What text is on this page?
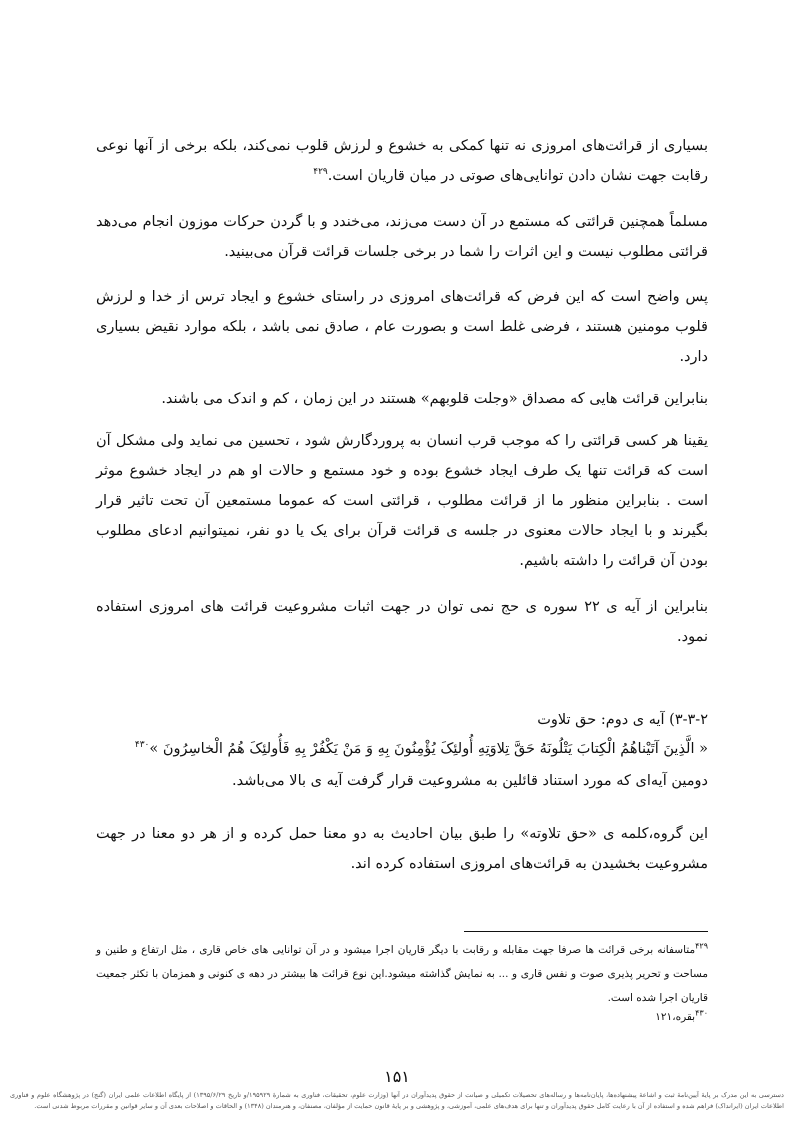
بسیاری از قرائت‌های امروزی نه تنها کمکی به خشوع و لرزش قلوب نمی‌کند، بلکه برخی از آنها نوعی رقابت جهت نشان دادن توانایی‌های صوتی در میان قاریان است.$^{۴۲۹}$

مسلماً همچنین قرائتی که مستمع در آن دست می‌زند، می‌خندد و با گردن حرکات موزون انجام می‌دهد قرائتی مطلوب نیست و این اثرات را شما در برخی جلسات قرائت قرآن می‌بینید.

پس واضح است که این فرض که قرائت‌های امروزی در راستای خشوع و ایجاد ترس از خدا و لرزش قلوب مومنین هستند ، فرضی غلط است و بصورت عام ، صادق نمی باشد ، بلکه موارد نقیض بسیاری دارد.

بنابراین قرائت هایی که مصداق «وجلت قلوبهم» هستند در این زمان ، کم و اندک می باشند.

یقینا هر کسی قرائتی را که موجب قرب انسان به پروردگارش شود ، تحسین می نماید ولی مشکل آن است که قرائت تنها یک طرف ایجاد خشوع بوده و خود مستمع و حالات او هم در ایجاد خشوع موثر است . بنابراین منظور ما از قرائت مطلوب ، قرائتی است که عموما مستمعین آن تحت تاثیر قرار بگیرند و با ایجاد حالات معنوی در جلسه ی قرائت قرآن برای یک یا دو نفر، نمیتوانیم ادعای مطلوب بودن آن قرائت را داشته باشیم.

بنابراین از آیه ی ۲۲ سوره ی حج نمی توان در جهت اثبات مشروعیت قرائت های امروزی استفاده نمود.

۳-۳-۲) آیه ی دوم: حق تلاوت
« الَّذِینَ آتَیْناهُمُ الْکِتابَ یَتْلُونَهُ حَقَّ تِلاوَتِهِ أُولئِکَ یُؤْمِنُونَ بِهِ وَ مَنْ یَکْفُرْ بِهِ فَأُولئِکَ هُمُ الْخاسِرُونَ »$^{۴۳۰}$

دومین آیه‌ای که مورد استناد قائلین به مشروعیت قرار گرفت آیه ی بالا می‌باشد.

این گروه،کلمه ی «حق تلاوته» را طبق بیان احادیث به دو معنا حمل کرده و از هر دو معنا در جهت مشروعیت بخشیدن به قرائت‌های امروزی استفاده کرده اند.

$^{۴۲۹}$متاسفانه برخی قرائت ها صرفا جهت مقابله و رقابت با دیگر قاریان اجرا میشود و در آن توانایی های خاص قاری ، مثل ارتفاع و طنین و مساحت و تحریر پذیری صوت و نفس قاری و ... به نمایش گذاشته میشود.این نوع قرائت ها بیشتر در دهه ی کنونی و همزمان با تکثر جمعیت قاریان اجرا شده است.
$^{۴۳۰}$بقره،۱۲۱
۱۵۱
دسترسی به این مدرک بر پایهٔ آیین‌نامهٔ ثبت و اشاعهٔ پیشنهاده‌ها، پایان‌نامه‌ها و رساله‌های تحصیلات تکمیلی و صیانت از حقوق پدیدآوران در آنها (وزارت علوم، تحقیقات، فناوری به شمارهٔ ۱۹۵۹۲۹/و تاریخ ۱۳۹۵/۶/۲۹) از پایگاه اطلاعات علمی ایران (گنج) در پژوهشگاه علوم و فناوری اطلاعات ایران (ایرانداک) فراهم شده و استفاده از آن با رعایت کامل حقوق پدیدآوران و تنها برای هدف‌های علمی، آموزشی، و پژوهشی و بر پایهٔ قانون حمایت از مؤلفان، مصنفان، و هنرمندان (۱۳۴۸) و الحاقات و اصلاحات بعدی آن و سایر قوانین و مقررات مربوط شدنی است.
